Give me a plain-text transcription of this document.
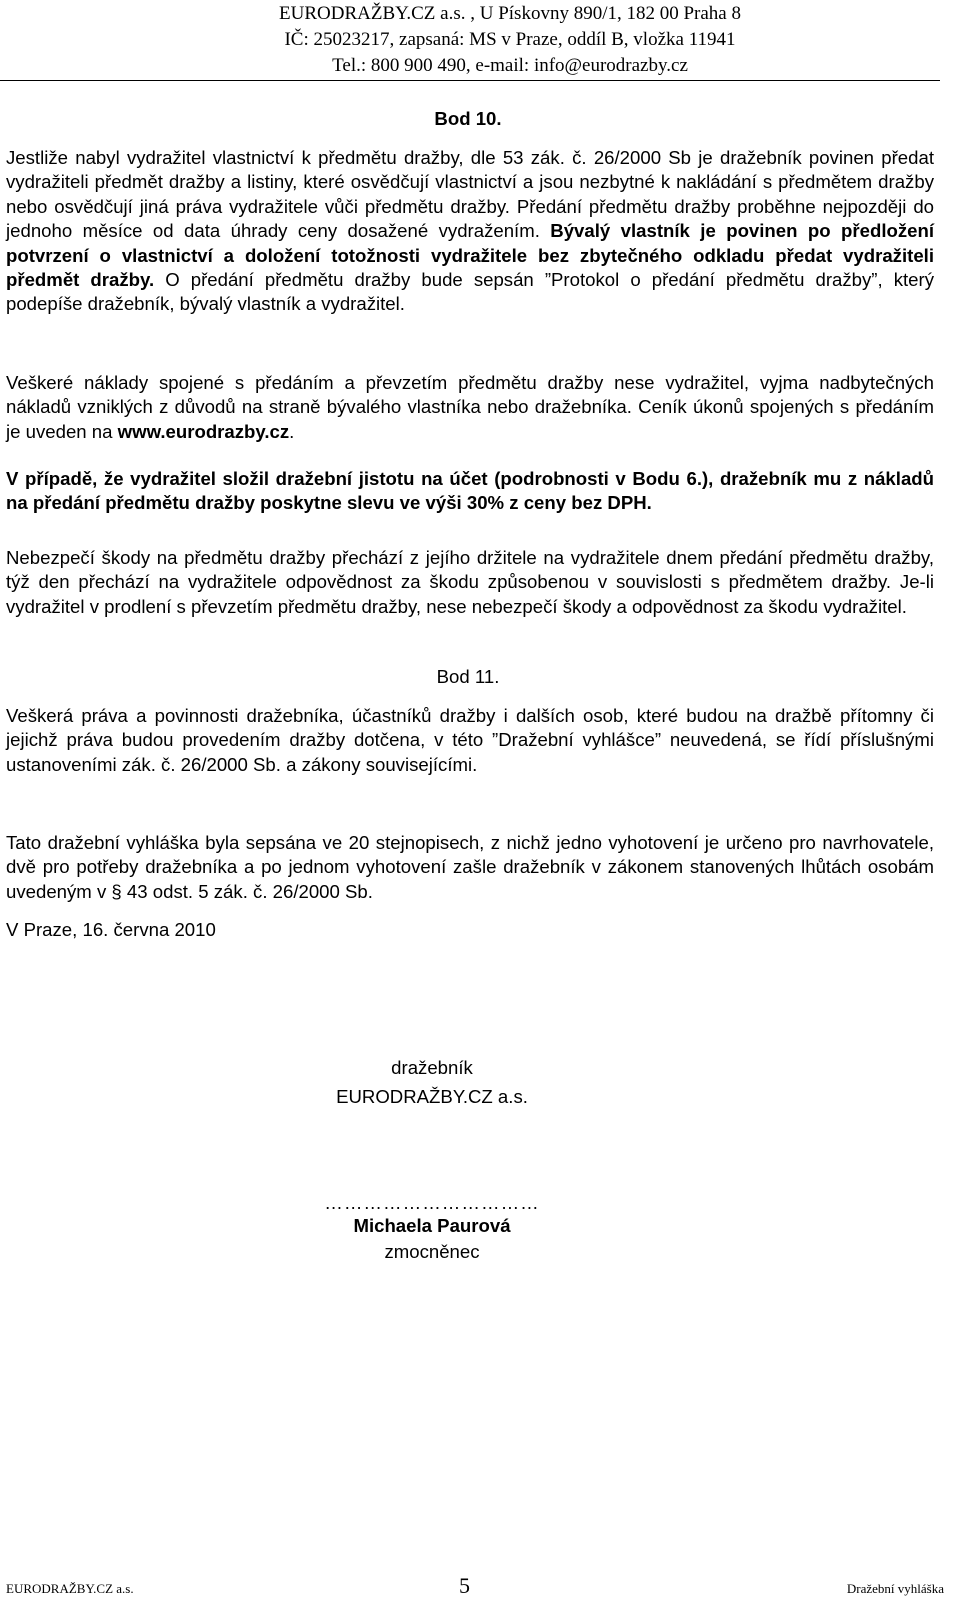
EURODRAŽBY.CZ a.s. , U Pískovny 890/1, 182 00 Praha 8
IČ: 25023217, zapsaná: MS v Praze, oddíl B, vložka 11941
Tel.: 800 900 490, e-mail: info@eurodrazby.cz
Bod 10.
Jestliže nabyl vydražitel vlastnictví k předmětu dražby, dle 53 zák. č. 26/2000 Sb je dražebník povinen předat vydražiteli předmět dražby a listiny, které osvědčují vlastnictví a jsou nezbytné k nakládání s předmětem dražby nebo osvědčují jiná práva vydražitele vůči předmětu dražby. Předání předmětu dražby proběhne nejpozději do jednoho měsíce od data úhrady ceny dosažené vydražením. Bývalý vlastník je povinen po předložení potvrzení o vlastnictví a doložení totožnosti vydražitele bez zbytečného odkladu předat vydražiteli předmět dražby. O předání předmětu dražby bude sepsán ”Protokol o předání předmětu dražby”, který podepíše dražebník, bývalý vlastník a vydražitel.
Veškeré náklady spojené s předáním a převzetím předmětu dražby nese vydražitel, vyjma nadbytečných nákladů vzniklých z důvodů na straně bývalého vlastníka nebo dražebníka. Ceník úkonů spojených s předáním je uveden na www.eurodrazby.cz.
V případě, že vydražitel složil dražební jistotu na účet (podrobnosti v Bodu 6.), dražebník mu z nákladů na předání předmětu dražby poskytne slevu ve výši 30% z ceny bez DPH.
Nebezpečí škody na předmětu dražby přechází z jejího držitele na vydražitele dnem předání předmětu dražby, týž den přechází na vydražitele odpovědnost za škodu způsobenou v souvislosti s předmětem dražby. Je-li vydražitel v prodlení s převzetím předmětu dražby, nese nebezpečí škody a odpovědnost za škodu vydražitel.
Bod 11.
Veškerá práva a povinnosti dražebníka, účastníků dražby i dalších osob, které budou na dražbě přítomny či jejichž práva budou provedením dražby dotčena, v této ”Dražební vyhlášce” neuvedená, se řídí příslušnými ustanoveními zák. č. 26/2000 Sb. a zákony souvisejícími.
Tato dražební vyhláška byla sepsána ve 20 stejnopisech, z nichž jedno vyhotovení je určeno pro navrhovatele, dvě pro potřeby dražebníka a po jednom vyhotovení zašle dražebník v zákonem stanovených lhůtách osobám uvedeným v § 43 odst. 5 zák. č. 26/2000 Sb.
V Praze, 16. června 2010
dražebník
EURODRAŽBY.CZ a.s.
……………………………
Michaela Paurová
zmocněnec
EURODRAŽBY.CZ a.s.	5	Dražební vyhláška
